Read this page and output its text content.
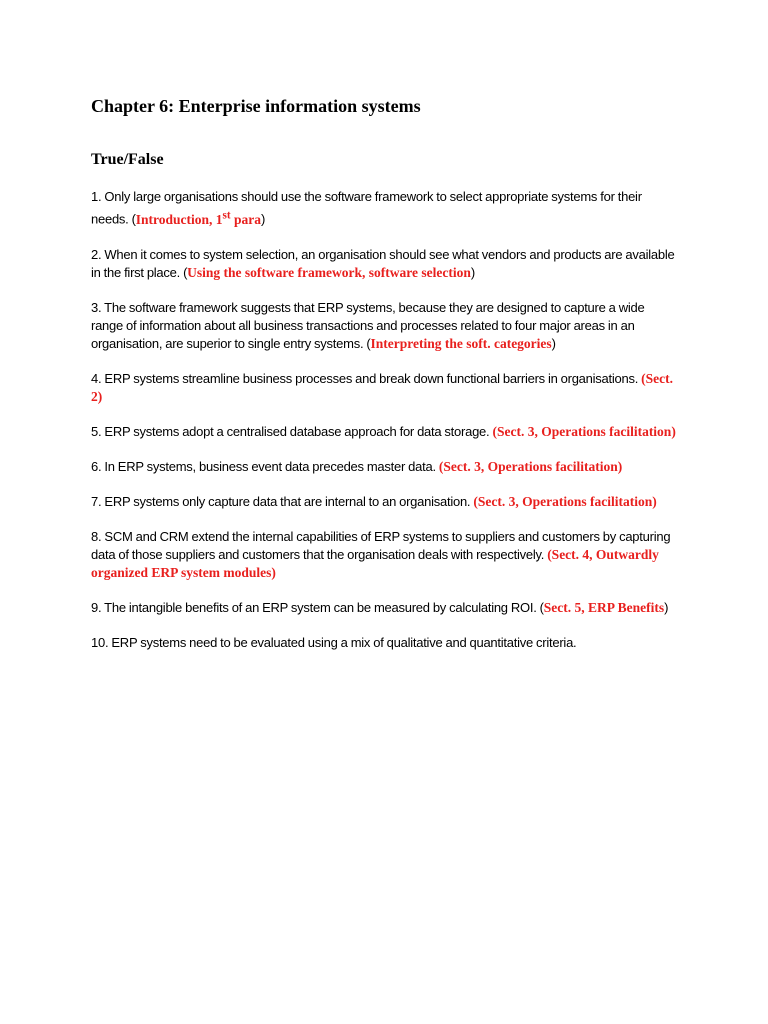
Chapter 6: Enterprise information systems
True/False

1. Only large organisations should use the software framework to select appropriate systems for their needs. (Introduction, 1st para)

2. When it comes to system selection, an organisation should see what vendors and products are available in the first place. (Using the software framework, software selection)

3. The software framework suggests that ERP systems, because they are designed to capture a wide range of information about all business transactions and processes related to four major areas in an organisation, are superior to single entry systems. (Interpreting the soft. categories)

4. ERP systems streamline business processes and break down functional barriers in organisations. (Sect. 2)

5. ERP systems adopt a centralised database approach for data storage. (Sect. 3, Operations facilitation)

6. In ERP systems, business event data precedes master data. (Sect. 3, Operations facilitation)

7. ERP systems only capture data that are internal to an organisation. (Sect. 3, Operations facilitation)

8. SCM and CRM extend the internal capabilities of ERP systems to suppliers and customers by capturing data of those suppliers and customers that the organisation deals with respectively. (Sect. 4, Outwardly organized ERP system modules)

9. The intangible benefits of an ERP system can be measured by calculating ROI. (Sect. 5, ERP Benefits)

10. ERP systems need to be evaluated using a mix of qualitative and quantitative criteria.
